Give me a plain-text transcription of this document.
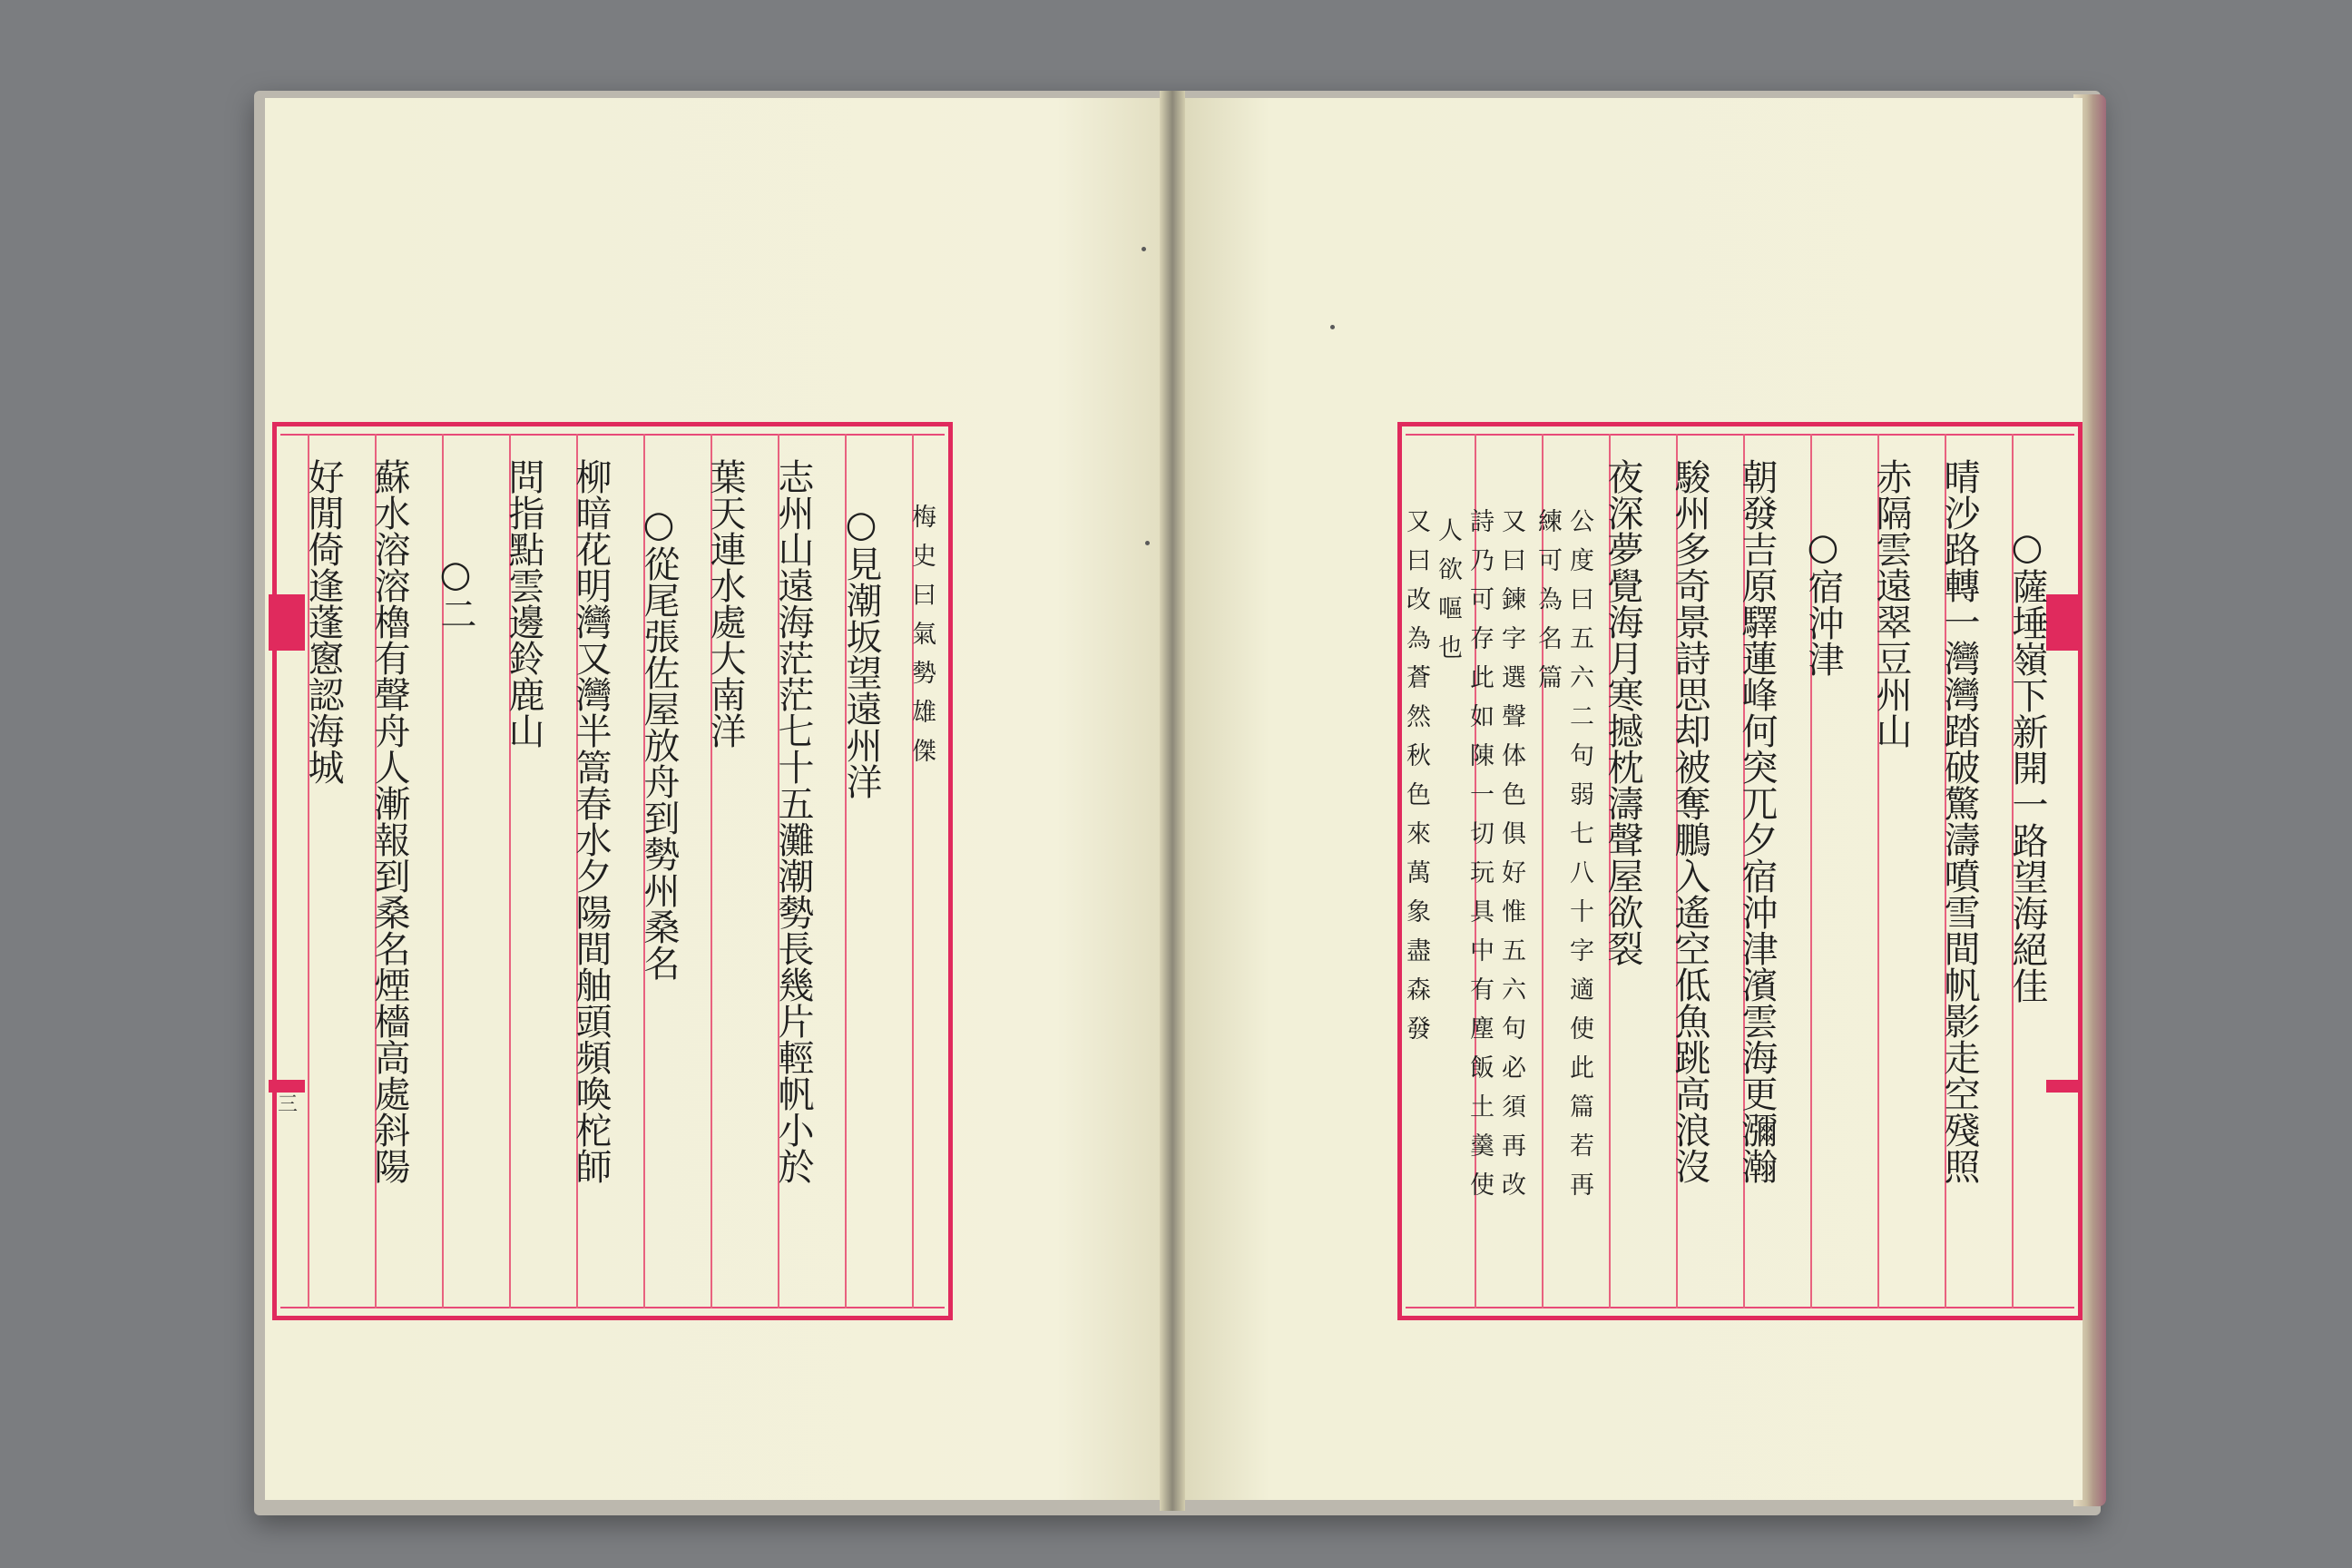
三
梅史曰氣勢雄傑
○見潮坂望遠州洋
志州山遠海茫茫七十五灘潮勢長幾片輕帆小於
葉天連水處大南洋
○從尾張佐屋放舟到勢州桑名
柳暗花明灣又灣半篙春水夕陽間舳頭頻喚柁師
問指點雲邊鈴鹿山
○二
蘇水溶溶櫓有聲舟人漸報到桑名煙檣高處斜陽
好閒倚逢蓬窻認海城	○薩埵嶺下新開一路望海絕佳
晴沙路轉一灣灣踏破驚濤噴雪間帆影走空殘照
赤隔雲遠翠豆州山
○宿沖津
朝發吉原驛蓮峰何突兀夕宿沖津濱雲海更瀰瀚
駿州多奇景詩思却被奪鵬入遙空低魚跳高浪沒
夜深夢覺海月寒撼枕濤聲屋欲裂
公度曰五六二句弱七八十字適使此篇若再
練可為名篇
又曰鍊字選聲体色俱好惟五六句必須再改
詩乃可存此如陳一切玩具中有塵飯土羹使
人欲嘔也
又曰改為蒼然秋色來萬象盡森發
